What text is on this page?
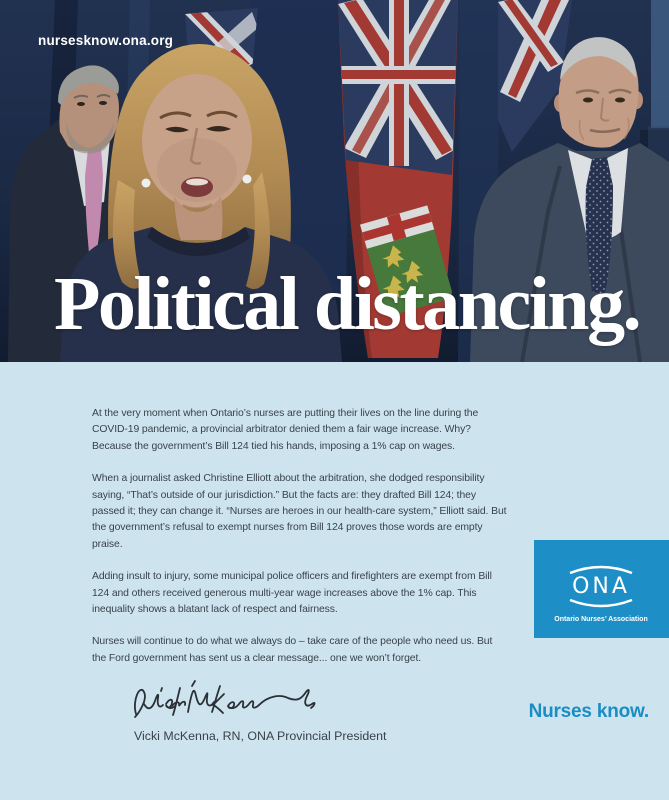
nursesknow.ona.org
Political distancing.

At the very moment when Ontario’s nurses are putting their lives on the line during the COVID-19 pandemic, a provincial arbitrator denied them a fair wage increase. Why? Because the government’s Bill 124 tied his hands, imposing a 1% cap on wages.

When a journalist asked Christine Elliott about the arbitration, she dodged responsibility saying, “That’s outside of our jurisdiction.” But the facts are: they drafted Bill 124; they passed it; they can change it. “Nurses are heroes in our health-care system,” Elliott said. But the government’s refusal to exempt nurses from Bill 124 proves those words are empty praise.

Adding insult to injury, some municipal police officers and firefighters are exempt from Bill 124 and others received generous multi-year wage increases above the 1% cap. This inequality shows a blatant lack of respect and fairness.

Nurses will continue to do what we always do – take care of the people who need us. But the Ford government has sent us a clear message... one we won’t forget.

Vicki McKenna, RN, ONA Provincial President
ONA
Ontario Nurses’ Association
Nurses know.
